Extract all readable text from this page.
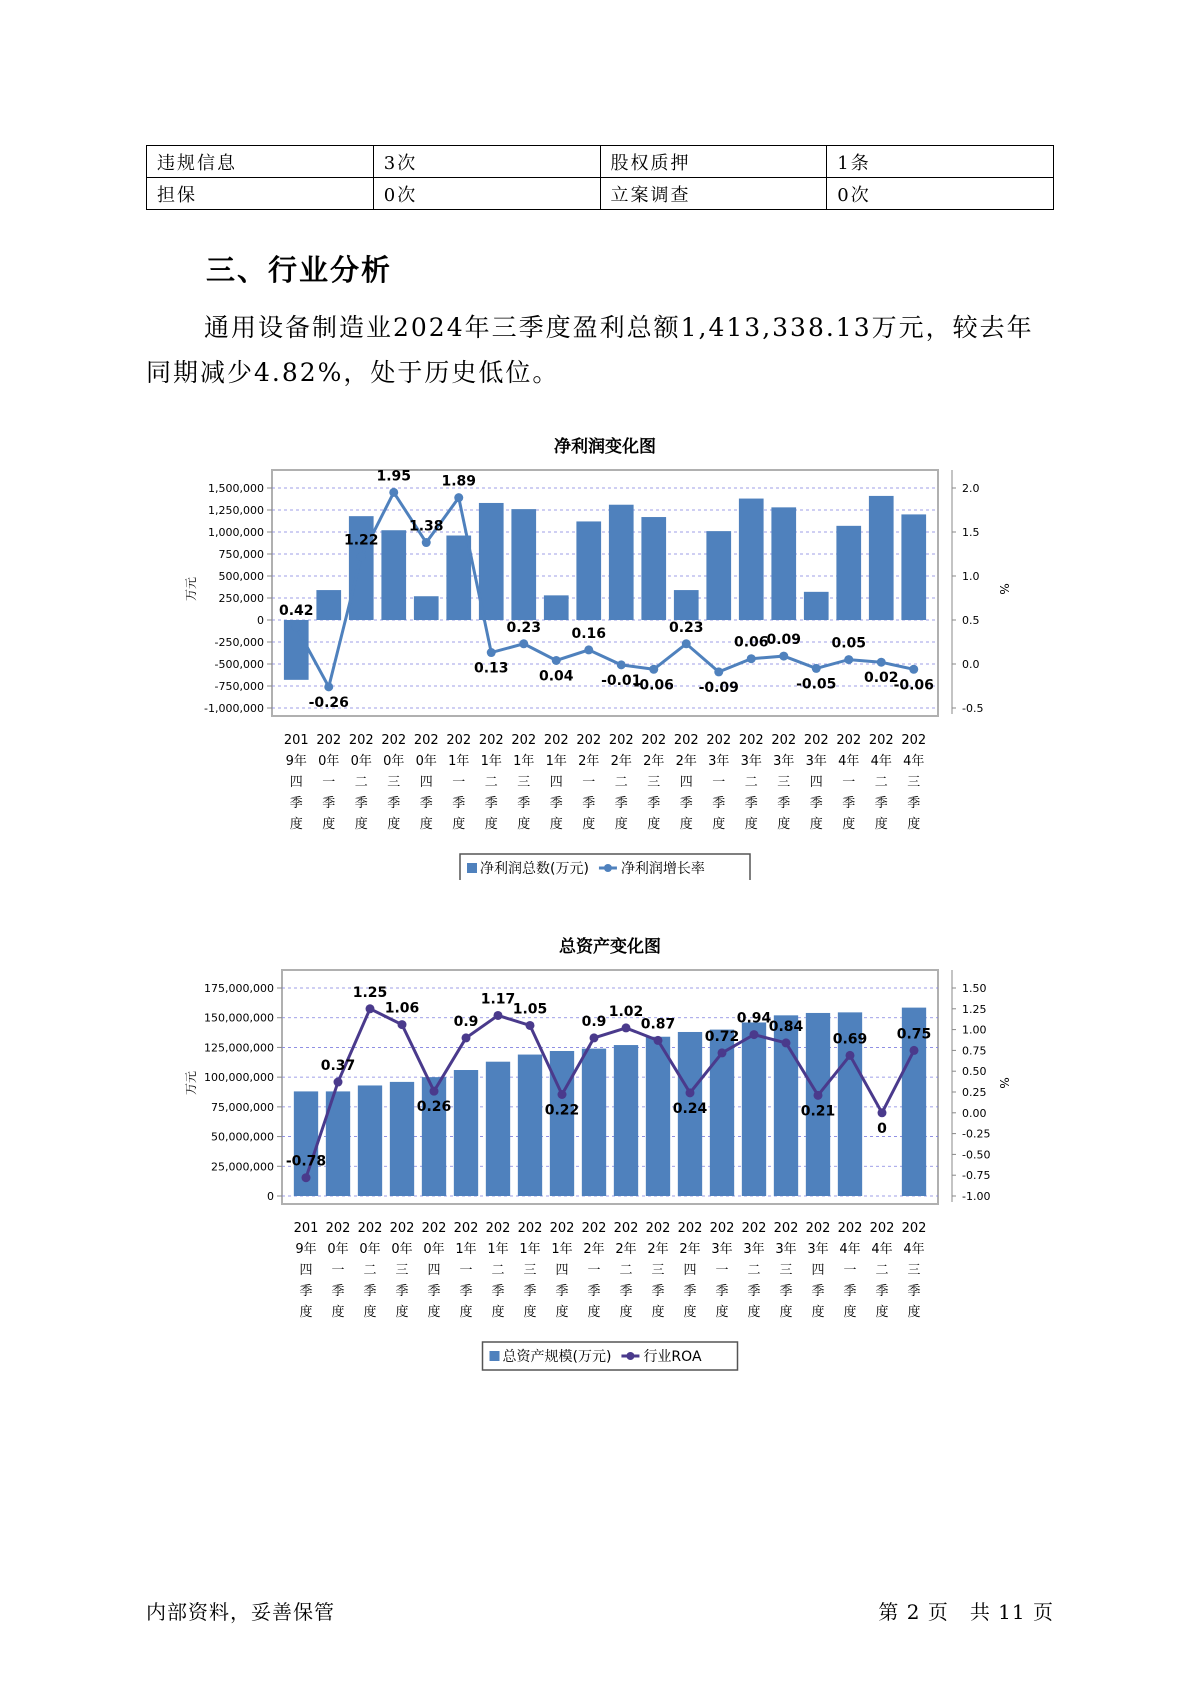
违规信息	3次	股权质押	1条
担保	0次	立案调查	0次
三、行业分析

通用设备制造业2024年三季度盈利总额1,413,338.13万元，较去年同期减少4.82%，处于历史低位。

净利润变化图
1,500,000
1,250,000
1,000,000
750,000
500,000
250,000
0
-250,000
-500,000
-750,000
-1,000,000
2.0
1.5
1.0
0.5
0.0
-0.5
万元	%
0.42
-0.26
1.22
1.95
1.38
1.89
0.13
0.23
0.04
0.16
-0.01
-0.06
0.23
-0.09
0.06
0.09
-0.05
0.05
0.02
-0.06
201
9年
四
季
度
202
0年
一
季
度
202
0年
二
季
度
202
0年
三
季
度
202
0年
四
季
度
202
1年
一
季
度
202
1年
二
季
度
202
1年
三
季
度
202
1年
四
季
度
202
2年
一
季
度
202
2年
二
季
度
202
2年
三
季
度
202
2年
四
季
度
202
3年
一
季
度
202
3年
二
季
度
202
3年
三
季
度
202
3年
四
季
度
202
4年
一
季
度
202
4年
二
季
度
202
4年
三
季
度
净利润总数(万元) 净利润增长率
总资产变化图
175,000,000
150,000,000
125,000,000
100,000,000
75,000,000
50,000,000
25,000,000
0
1.50
1.25
1.00
0.75
0.50
0.25
0.00
-0.25
-0.50
-0.75
-1.00
万元	%
-0.78
0.37
1.25
1.06
0.26
0.9
1.17
1.05
0.22
0.9
1.02
0.87
0.24
0.72
0.94
0.84
0.21
0.69
0
0.75
201
9年
四
季
度
202
0年
一
季
度
202
0年
二
季
度
202
0年
三
季
度
202
0年
四
季
度
202
1年
一
季
度
202
1年
二
季
度
202
1年
三
季
度
202
1年
四
季
度
202
2年
一
季
度
202
2年
二
季
度
202
2年
三
季
度
202
2年
四
季
度
202
3年
一
季
度
202
3年
二
季
度
202
3年
三
季
度
202
3年
四
季
度
202
4年
一
季
度
202
4年
二
季
度
202
4年
三
季
度
总资产规模(万元) 行业ROA
内部资料，妥善保管	第 2 页　共 11 页
